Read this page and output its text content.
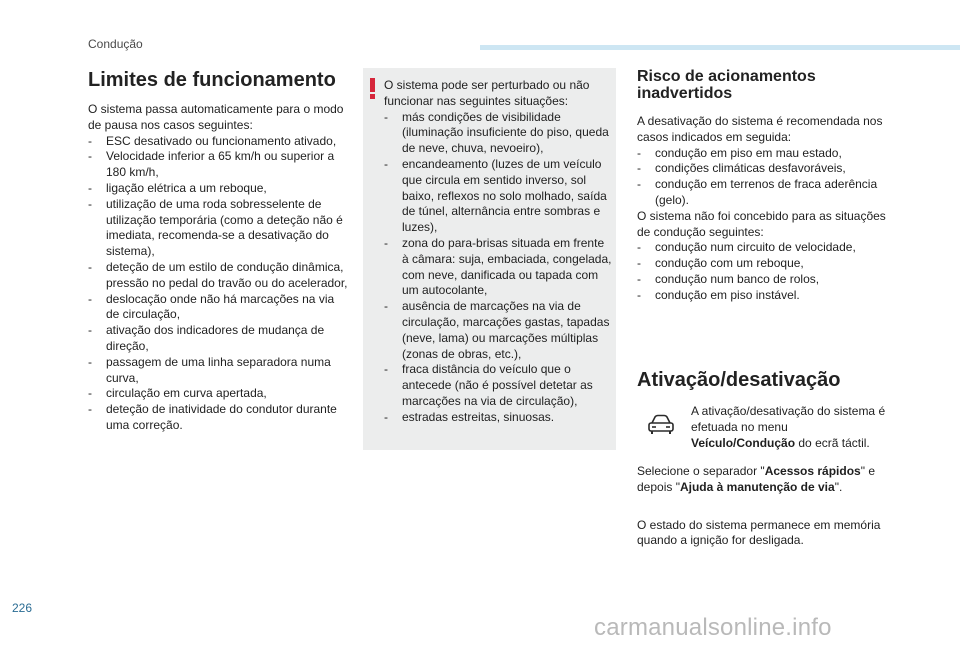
Condução
Limites de funcionamento

O sistema passa automaticamente para o modo de pausa nos casos seguintes:

- ESC desativado ou funcionamento ativado,
- Velocidade inferior a 65 km/h ou superior a 180 km/h,
- ligação elétrica a um reboque,
- utilização de uma roda sobresselente de utilização temporária (como a deteção não é imediata, recomenda-se a desativação do sistema),
- deteção de um estilo de condução dinâmica, pressão no pedal do travão ou do acelerador,
- deslocação onde não há marcações na via de circulação,
- ativação dos indicadores de mudança de direção,
- passagem de uma linha separadora numa curva,
- circulação em curva apertada,
- deteção de inatividade do condutor durante uma correção.

O sistema pode ser perturbado ou não funcionar nas seguintes situações:

- más condições de visibilidade (iluminação insuficiente do piso, queda de neve, chuva, nevoeiro),
- encandeamento (luzes de um veículo que circula em sentido inverso, sol baixo, reflexos no solo molhado, saída de túnel, alternância entre sombras e luzes),
- zona do para-brisas situada em frente à câmara: suja, embaciada, congelada, com neve, danificada ou tapada com um autocolante,
- ausência de marcações na via de circulação, marcações gastas, tapadas (neve, lama) ou marcações múltiplas (zonas de obras, etc.),
- fraca distância do veículo que o antecede (não é possível detetar as marcações na via de circulação),
- estradas estreitas, sinuosas.
Risco de acionamentos
inadvertidos

A desativação do sistema é recomendada nos casos indicados em seguida:

- condução em piso em mau estado,
- condições climáticas desfavoráveis,
- condução em terrenos de fraca aderência (gelo).

O sistema não foi concebido para as situações de condução seguintes:

- condução num circuito de velocidade,
- condução com um reboque,
- condução num banco de rolos,
- condução em piso instável.
Ativação/desativação

A ativação/desativação do sistema é efetuada no menu Veículo/Condução do ecrã táctil.

Selecione o separador "Acessos rápidos" e depois "Ajuda à manutenção de via".

O estado do sistema permanece em memória quando a ignição for desligada.

226
carmanualsonline.info
